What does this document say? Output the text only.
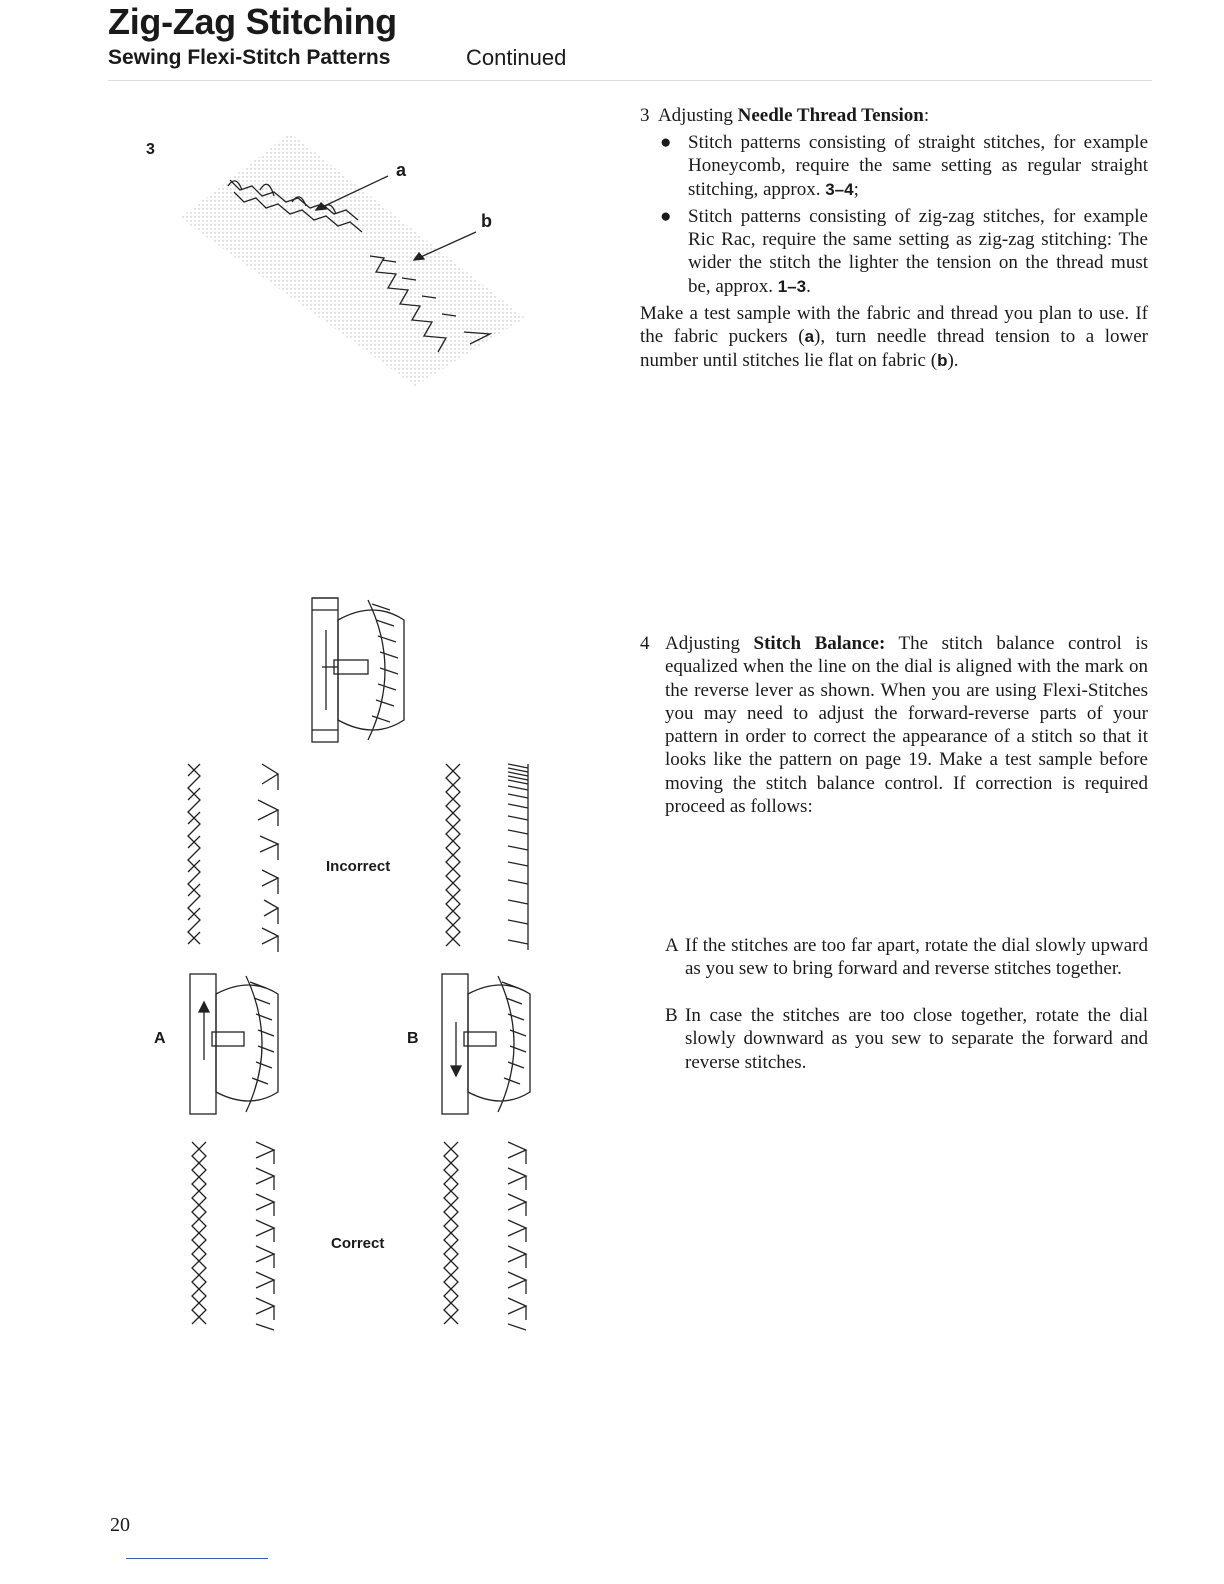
Zig-Zag Stitching
Sewing Flexi-Stitch Patterns	Continued
3
a
b
3 Adjusting Needle Thread Tension:
● Stitch patterns consisting of straight stitches, for example Honeycomb, require the same setting as regular straight stitching, approx. 3–4;
● Stitch patterns consisting of zig-zag stitches, for example Ric Rac, require the same setting as zig-zag stitching: The wider the stitch the lighter the tension on the thread must be, approx. 1–3.
Make a test sample with the fabric and thread you plan to use. If the fabric puckers (a), turn needle thread tension to a lower number until stitches lie flat on fabric (b).
Incorrect
A	B
Correct
4 Adjusting Stitch Balance: The stitch balance control is equalized when the line on the dial is aligned with the mark on the reverse lever as shown. When you are using Flexi-Stitches you may need to adjust the forward-reverse parts of your pattern in order to correct the appearance of a stitch so that it looks like the pattern on page 19. Make a test sample before moving the stitch balance control. If correction is required proceed as follows:
A If the stitches are too far apart, rotate the dial slowly upward as you sew to bring forward and reverse stitches together.
B In case the stitches are too close together, rotate the dial slowly downward as you sew to separate the forward and reverse stitches.
20
